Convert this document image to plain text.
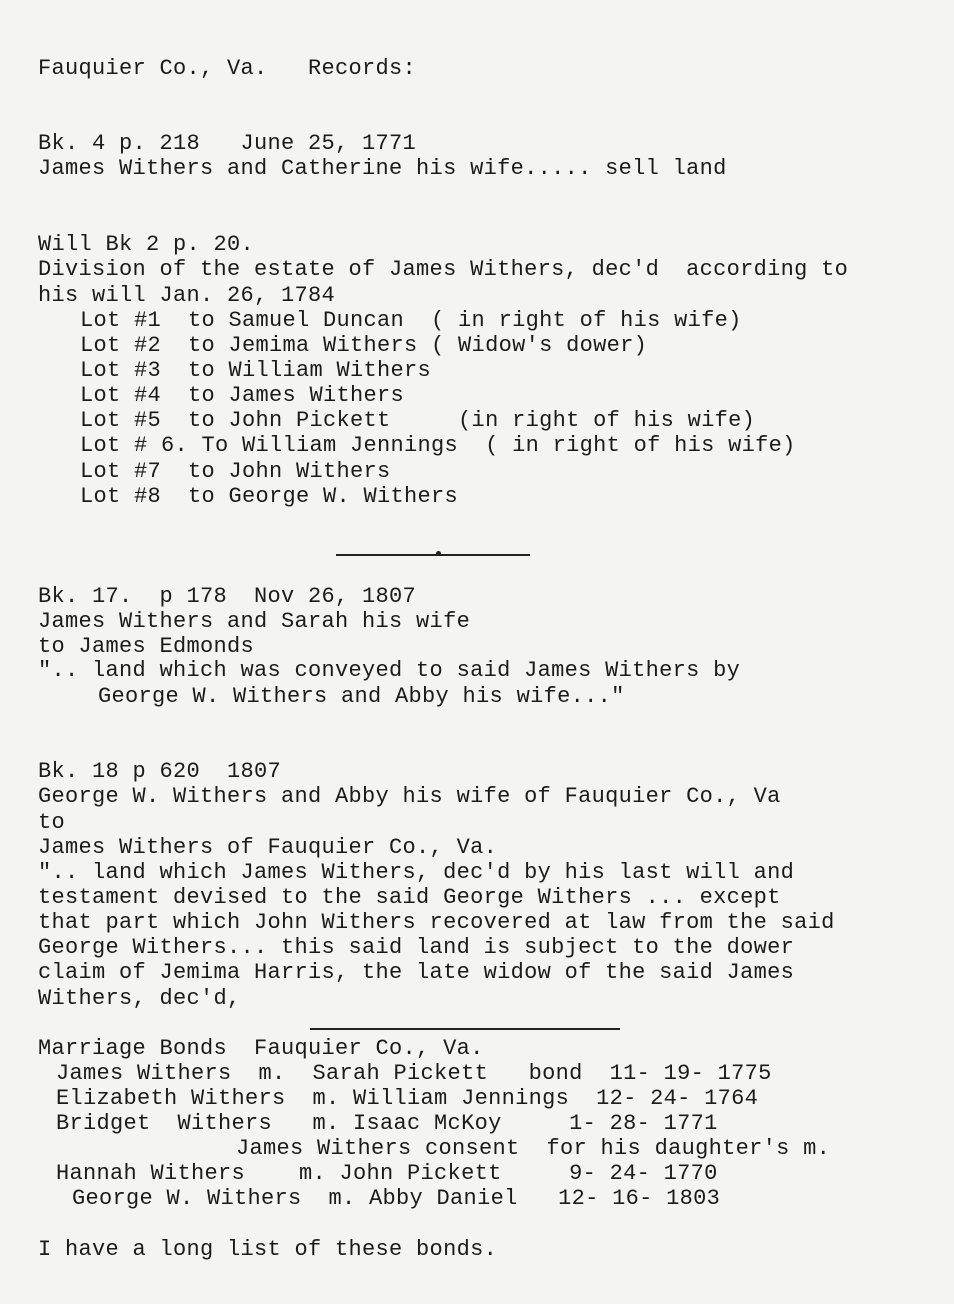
Fauquier Co., Va.   Records:
Bk. 4 p. 218   June 25, 1771
James Withers and Catherine his wife..... sell land
Will Bk 2 p. 20.
Division of the estate of James Withers, dec'd  according to
his will Jan. 26, 1784
Lot #1  to Samuel Duncan  ( in right of his wife)
Lot #2  to Jemima Withers ( Widow's dower)
Lot #3  to William Withers
Lot #4  to James Withers
Lot #5  to John Pickett     (in right of his wife)
Lot # 6. To William Jennings  ( in right of his wife)
Lot #7  to John Withers
Lot #8  to George W. Withers
Bk. 17.  p 178  Nov 26, 1807
James Withers and Sarah his wife
to James Edmonds
".. land which was conveyed to said James Withers by
George W. Withers and Abby his wife..."
Bk. 18 p 620  1807
George W. Withers and Abby his wife of Fauquier Co., Va
to
James Withers of Fauquier Co., Va.
".. land which James Withers, dec'd by his last will and
testament devised to the said George Withers ... except
that part which John Withers recovered at law from the said
George Withers... this said land is subject to the dower
claim of Jemima Harris, the late widow of the said James
Withers, dec'd,
Marriage Bonds  Fauquier Co., Va.
James Withers  m.  Sarah Pickett   bond  11- 19- 1775
Elizabeth Withers  m. William Jennings  12- 24- 1764
Bridget  Withers   m. Isaac McKoy     1- 28- 1771
James Withers consent  for his daughter's m.
Hannah Withers    m. John Pickett     9- 24- 1770
George W. Withers  m. Abby Daniel   12- 16- 1803
I have a long list of these bonds.
